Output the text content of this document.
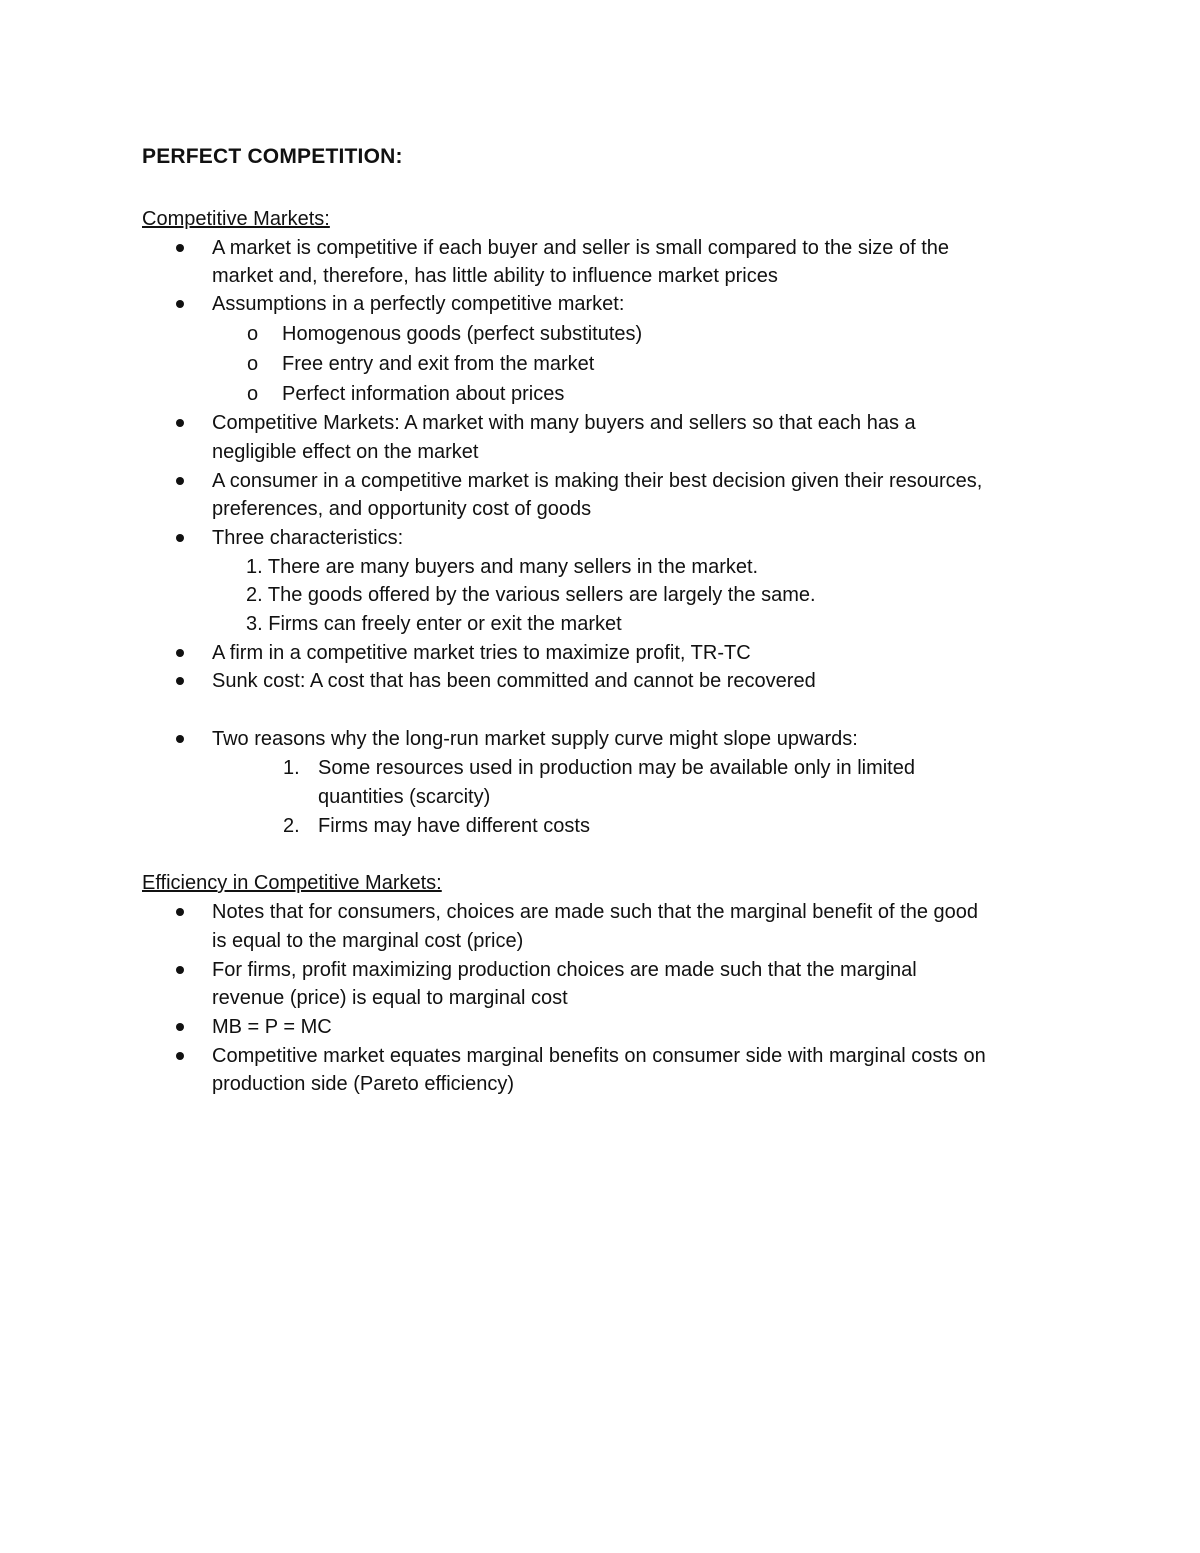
PERFECT COMPETITION:
Competitive Markets:
A market is competitive if each buyer and seller is small compared to the size of the
market and, therefore, has little ability to influence market prices
Assumptions in a perfectly competitive market:
o Homogenous goods (perfect substitutes)
o Free entry and exit from the market
o Perfect information about prices
Competitive Markets: A market with many buyers and sellers so that each has a
negligible effect on the market
A consumer in a competitive market is making their best decision given their resources,
preferences, and opportunity cost of goods
Three characteristics:
1. There are many buyers and many sellers in the market.
2. The goods offered by the various sellers are largely the same.
3. Firms can freely enter or exit the market
A firm in a competitive market tries to maximize profit, TR-TC
Sunk cost: A cost that has been committed and cannot be recovered
Two reasons why the long-run market supply curve might slope upwards:
1. Some resources used in production may be available only in limited
quantities (scarcity)
2. Firms may have different costs
Efficiency in Competitive Markets:
Notes that for consumers, choices are made such that the marginal benefit of the good
is equal to the marginal cost (price)
For firms, profit maximizing production choices are made such that the marginal
revenue (price) is equal to marginal cost
MB = P = MC
Competitive market equates marginal benefits on consumer side with marginal costs on
production side (Pareto efficiency)
